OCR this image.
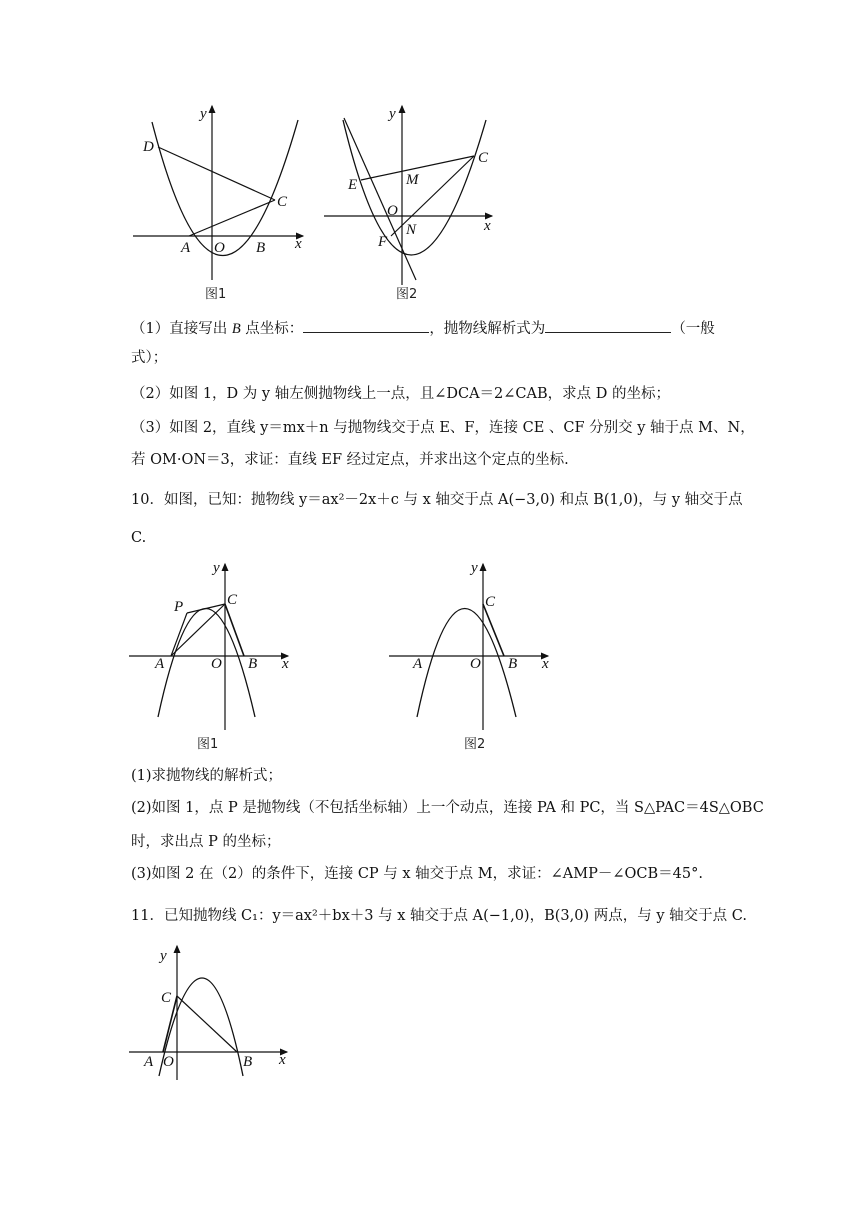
y
x
D
C
A O B
图1
y
x
E	M
C
O
F
N
图2
（1）直接写出 B 点坐标：	，抛物线解析式为	（一般
式）；
（2）如图 1，D 为 y 轴左侧抛物线上一点，且∠DCA＝2∠CAB，求点 D 的坐标；
（3）如图 2，直线 y＝mx＋n 与抛物线交于点 E、F，连接 CE 、CF 分别交 y 轴于点 M、N，
若 OM·ON＝3，求证：直线 EF 经过定点，并求出这个定点的坐标.
10．如图，已知：抛物线 y＝ax²－2x＋c 与 x 轴交于点 A(−3,0) 和点 B(1,0)，与 y 轴交于点
C.
y
x
P	C
A	O B
图1
y
x
C
A	O B
图2
(1)求抛物线的解析式；
(2)如图 1，点 P 是抛物线（不包括坐标轴）上一个动点，连接 PA 和 PC，当 S△PAC＝4S△OBC
时，求出点 P 的坐标；
(3)如图 2 在（2）的条件下，连接 CP 与 x 轴交于点 M，求证：∠AMP－∠OCB＝45°.
11．已知抛物线 C₁：y＝ax²＋bx＋3 与 x 轴交于点 A(−1,0)，B(3,0) 两点，与 y 轴交于点 C.
y
x
C
A O	B
